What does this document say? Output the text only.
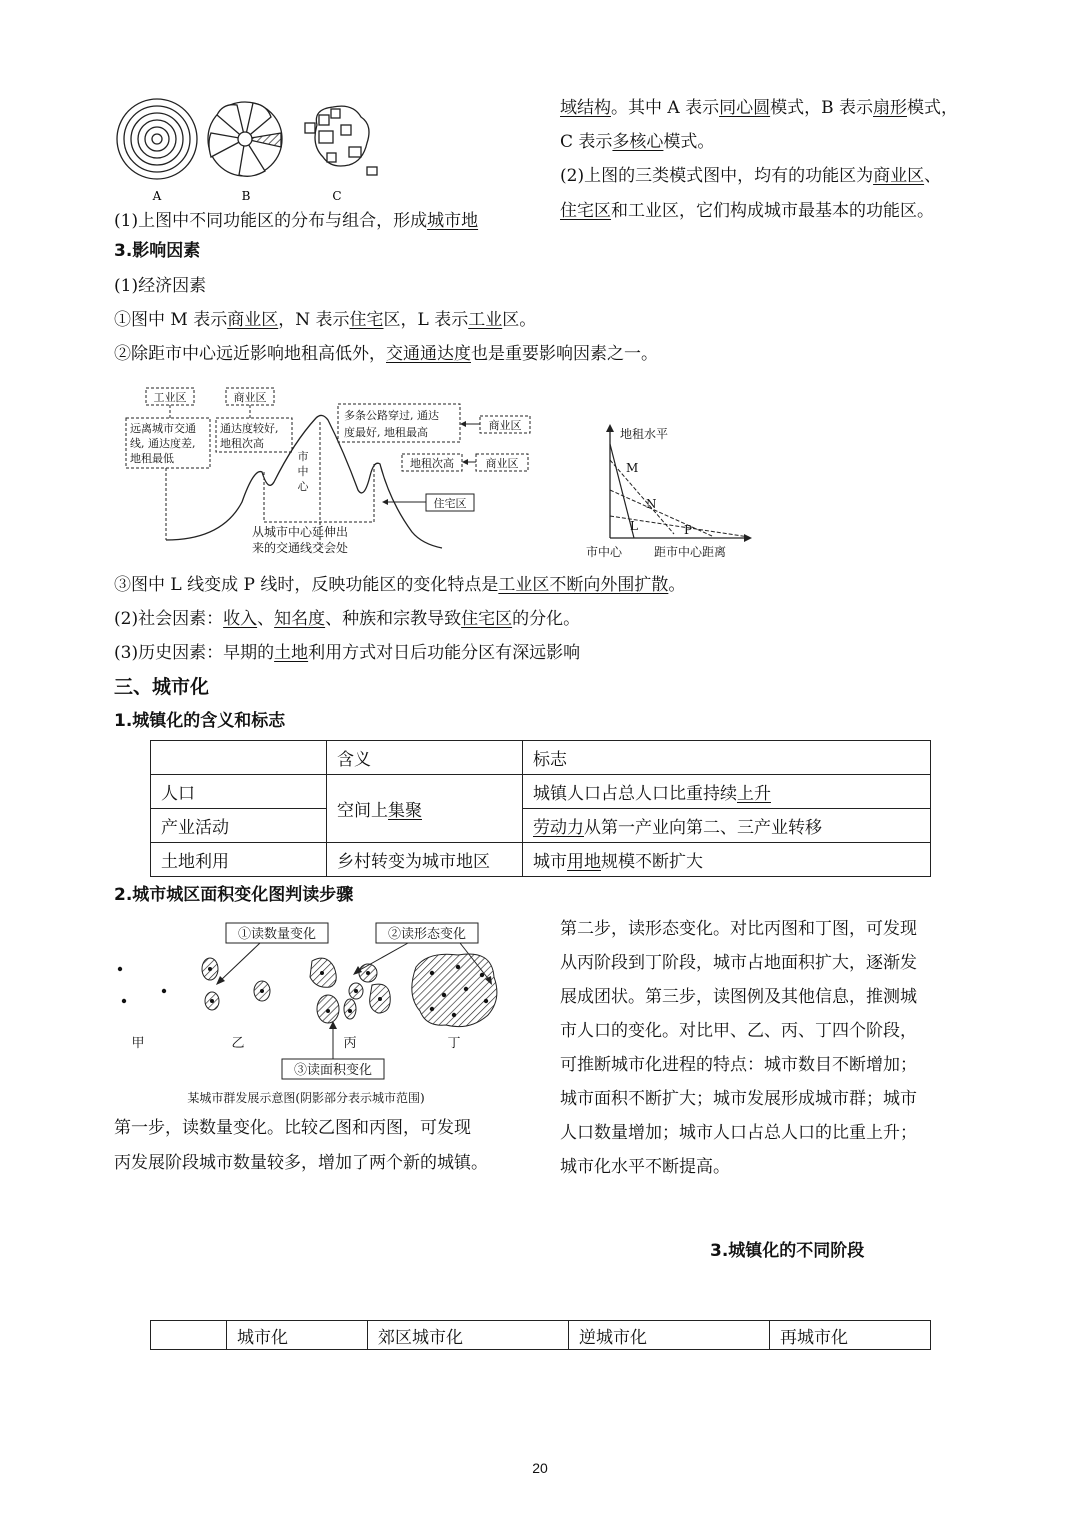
A	B	C
(1)上图中不同功能区的分布与组合，形成城市地
域结构。其中 A 表示同心圆模式，B 表示扇形模式，
C 表示多核心模式。
(2)上图的三类模式图中，均有的功能区为商业区、
住宅区和工业区，它们构成城市最基本的功能区。
3.影响因素
(1)经济因素
①图中 M 表示商业区，N 表示住宅区，L 表示工业区。
②除距市中心远近影响地租高低外，交通通达度也是重要影响因素之一。
工业区	商业区
远离城市交通
线, 通达度差,
地租最低
通达度较好,
地租次高
多条公路穿过, 通达
度最好, 地租最高
商业区
地租次高	商业区
市
中
心
住宅区
从城市中心延伸出
来的交通线交会处
地租水平
M
N
L	P
市中心	距市中心距离
③图中 L 线变成 P 线时，反映功能区的变化特点是工业区不断向外围扩散。
(2)社会因素：收入、知名度、种族和宗教导致住宅区的分化。
(3)历史因素：早期的土地利用方式对日后功能分区有深远影响
三、城市化
1.城镇化的含义和标志
	含义	标志
人口	空间上集聚	城镇人口占总人口比重持续上升
产业活动		劳动力从第一产业向第二、三产业转移
土地利用	乡村转变为城市地区	城市用地规模不断扩大
2.城市城区面积变化图判读步骤
①读数量变化	②读形态变化
③读面积变化
甲	乙	丙	丁
某城市群发展示意图(阴影部分表示城市范围)
第一步，读数量变化。比较乙图和丙图，可发现
丙发展阶段城市数量较多，增加了两个新的城镇。
第二步，读形态变化。对比丙图和丁图，可发现
从丙阶段到丁阶段，城市占地面积扩大，逐渐发
展成团状。第三步，读图例及其他信息，推测城
市人口的变化。对比甲、乙、丙、丁四个阶段，
可推断城市化进程的特点：城市数目不断增加；
城市面积不断扩大；城市发展形成城市群；城市
人口数量增加；城市人口占总人口的比重上升；
城市化水平不断提高。
3.城镇化的不同阶段
	城市化	郊区城市化	逆城市化	再城市化
20
